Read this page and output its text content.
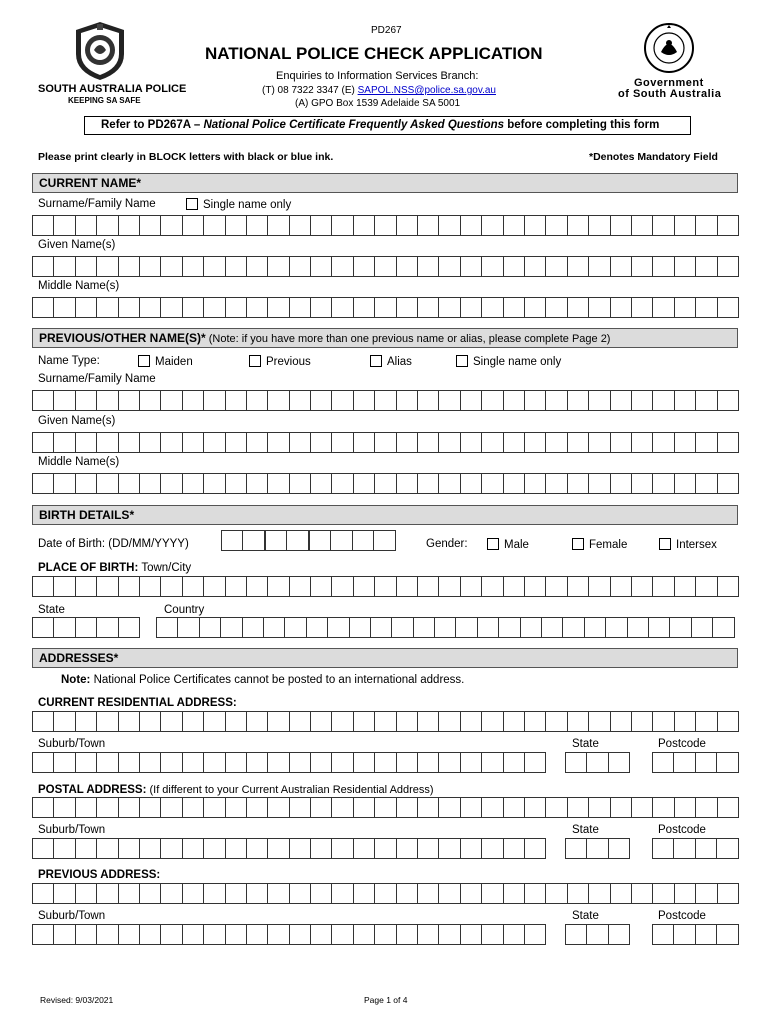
SOUTH AUSTRALIA POLICE
KEEPING SA SAFE
PD267
NATIONAL POLICE CHECK APPLICATION
Enquiries to Information Services Branch:
(T) 08 7322 3347 (E) SAPOL.NSS@police.sa.gov.au
(A) GPO Box 1539 Adelaide SA 5001
Government
of South Australia
Refer to PD267A – National Police Certificate Frequently Asked Questions before completing this form
Please print clearly in BLOCK letters with black or blue ink.	*Denotes Mandatory Field
CURRENT NAME*
Surname/Family Name	Single name only
Given Name(s)
Middle Name(s)
PREVIOUS/OTHER NAME(S)* (Note: if you have more than one previous name or alias, please complete Page 2)
Name Type:	Maiden	Previous	Alias	Single name only
Surname/Family Name
Given Name(s)
Middle Name(s)
BIRTH DETAILS*
Date of Birth: (DD/MM/YYYY)	Gender:	Male	Female	Intersex
PLACE OF BIRTH: Town/City
State	Country
ADDRESSES*
Note: National Police Certificates cannot be posted to an international address.
CURRENT RESIDENTIAL ADDRESS:
Suburb/Town	State	Postcode
POSTAL ADDRESS: (If different to your Current Australian Residential Address)
Suburb/Town	State	Postcode
PREVIOUS ADDRESS:
Suburb/Town	State	Postcode
Revised: 9/03/2021	Page 1 of 4
